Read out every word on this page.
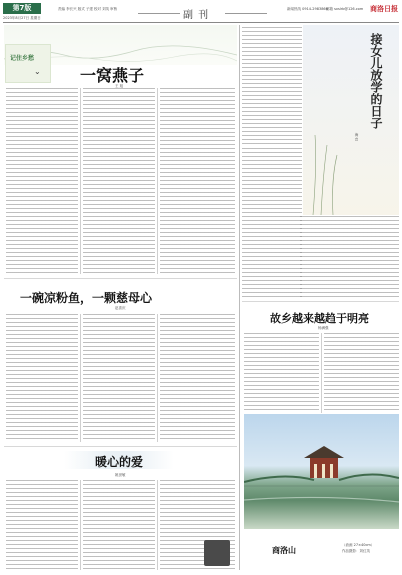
第7版
2023年8月27日 星期日
责编 李长兴 版式 子建 校对 刘英 审核
副 刊
新闻热线 0914-2983866
邮箱 sxslrb@126.com 商洛日报
记住乡愁
⌄ 一窝燕子
王 旭
一碗凉粉鱼，一颗慈母心
赵喜庆
暖心的爱
姚世敏
接女儿放学的日子
海 音
故乡越来越趋于明亮
杨满强
商洛山
（油画 27×40cm）
作品摄影：刘红英
